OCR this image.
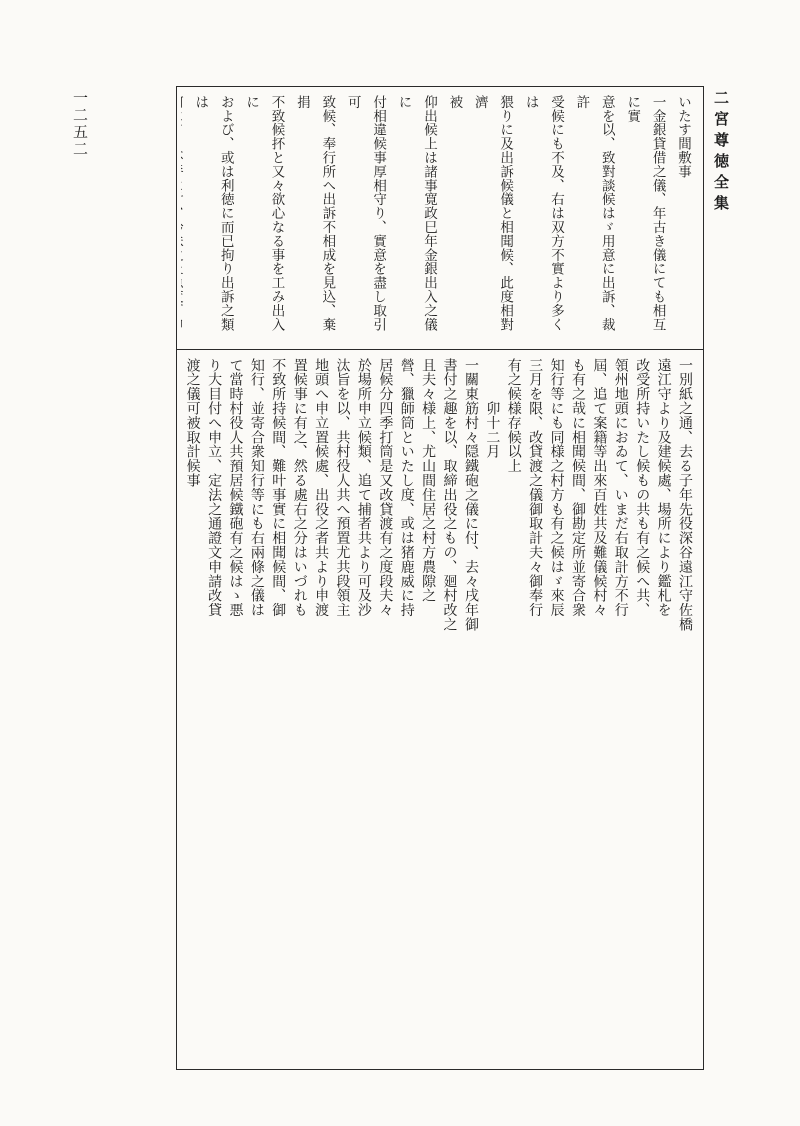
二宮尊徳全集
一二五二	いたす間敷事
一金銀貸借之儀、年古き儀にても相互に實
意を以、致對談候はゞ用意に出訴、裁許
受候にも不及、右は双方不實より多くは
猥りに及出訴候儀と相聞候、此度相對濟
被
仰出候上は諸事寛政巳年金銀出入之儀に
付相違候事厚相守り、實意を盡し取引可
致候、奉行所へ出訴不相成を見込、棄捐
不致候抔と又々欲心なる事を工み出入に
および、或は利徳に而已拘り出訴之類は

一別紙之通、去る子年先役深谷遠江守佐橋
遠江守より及建候處、場所により鑑札を
改受所持いたし候もの共も有之候へ共、
領州地頭におゐて、いまだ右取計方不行
屆、追て案籍等出來百姓共及難儀候村々
も有之哉に相聞候間、御勘定所並寄合衆
知行等にも同様之村方も有之候はゞ來辰
三月を限、改貸渡之儀御取計夫々御奉行
有之候様存候以上
　　　卯十二月
一關東筋村々隠鐵砲之儀に付、去々戌年御
書付之趣を以、取締出役之もの、廻村改之
且夫々様上、尤山間住居之村方農隙之
營、獵師筒といたし度、或は猪鹿威に持
居候分四季打筒是又改貸渡有之度段夫々
於場所申立候類、追て捕者共より可及沙
汰旨を以、共村役人共へ預置尤共段領主
地頭へ申立置候處、出役之者共より申渡
置候事に有之、然る處右之分はいづれも
不致所持候間、難叶事實に相聞候間、御
知行、並寄合衆知行等にも右兩條之儀は
て當時村役人共預居候鐵砲有之候はゝ悪
り大目付へ申立、定法之通證文申請改貸
渡之儀可被取計候事
